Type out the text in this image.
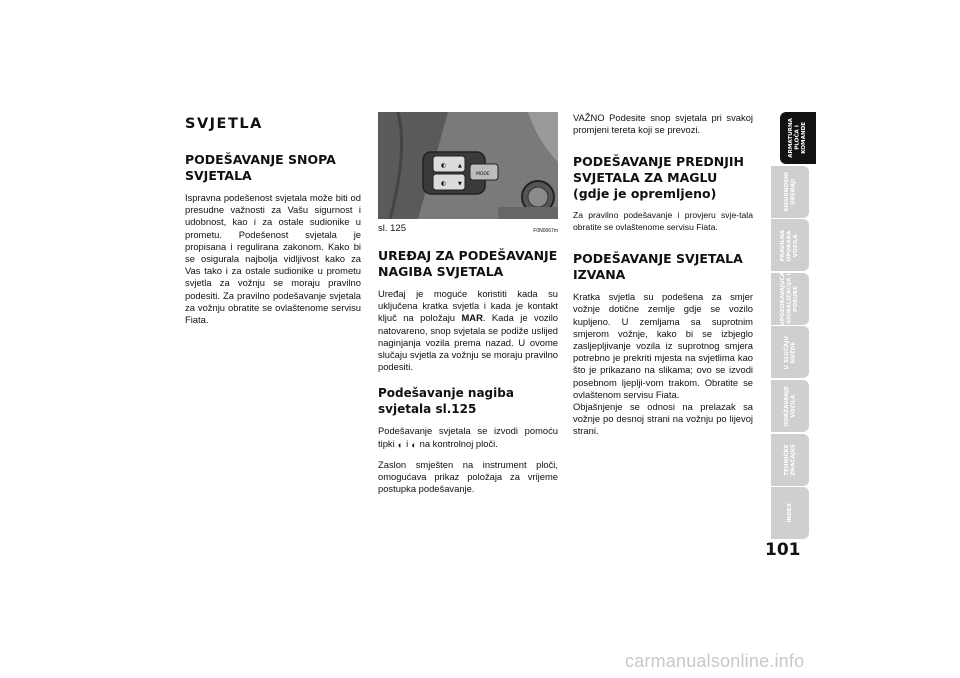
SVJETLA
PODEŠAVANJE SNOPA SVJETALA

Ispravna podešenost svjetala može biti od presudne važnosti za Vašu sigurnost i udobnost, kao i za ostale sudionike u prometu. Podešenost svjetala je propisana i regulirana zakonom. Kako bi se osigurala najbolja vidljivost kako za Vas tako i za ostale sudionike u prometu svjetla za vožnju se moraju pravilno podesiti. Za pravilno podešavanje svjetala za vožnju obratite se ovlaštenome servisu Fiata.

◐
◐
▲
▼
MODE
sl. 125	F0N0067m
UREĐAJ ZA PODEŠAVANJE NAGIBA SVJETALA

Uređaj je moguće koristiti kada su uključena kratka svjetla i kada je kontakt ključ na položaju MAR. Kada je vozilo natovareno, snop svjetala se podiže uslijed naginjanja vozila prema nazad. U ovome slučaju svjetla za vožnju se moraju pravilno podesiti.

Podešavanje nagiba svjetala sl.125

Podešavanje svjetala se izvodi pomoću tipki ◐ i ◐ na kontrolnoj ploči.

Zaslon smješten na instrument ploči, omogućava prikaz položaja za vrijeme postupka podešavanje.

VAŽNO Podesite snop svjetala pri svakoj promjeni tereta koji se prevozi.

PODEŠAVANJE PREDNJIH SVJETALA ZA MAGLU (gdje je opremljeno)

Za pravilno podešavanje i provjeru svje-tala obratite se ovlaštenome servisu Fiata.

PODEŠAVANJE SVJETALA IZVANA

Kratka svjetla su podešena za smjer vožnje dotične zemlje gdje se vozilo kupljeno. U zemljama sa suprotnim smjerom vožnje, kako bi se izbjeglo zasljepljivanje vozila iz suprotnog smjera potrebno je prekriti mjesta na svjetlima kao što je prikazano na slikama; ovo se izvodi posebnom ljeplji-vom trakom. Obratite se ovlaštenom servisu Fiata.

Objašnjenje se odnosi na prelazak sa vožnje po desnoj strani na vožnju po lijevoj strani.

ARMATURNA
PLOČA I
KOMANDE
SIGURNOSNI
UREĐAJI
PRAVILNA
UPORABA
VOZILA
UPOZORAVAJUĆA
SIGNALIZACIJA I
PORUKE
U SLUČAJU
NUŽDE
ODRŽAVANJE
VOZILA
TEHNIČKE
ZNAČAJKE
INDEX
101
carmanualsonline.info
